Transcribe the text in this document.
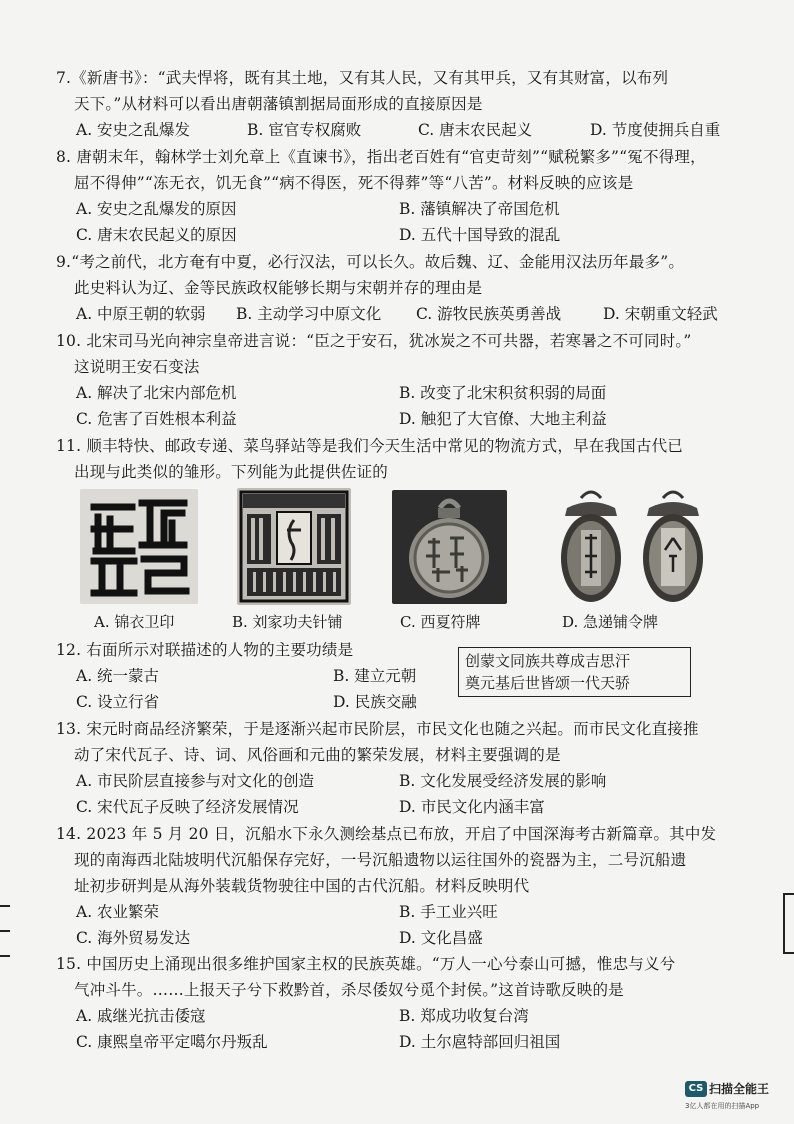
7.《新唐书》：“武夫悍将，既有其土地，又有其人民，又有其甲兵，又有其财富，以布列
天下。”从材料可以看出唐朝藩镇割据局面形成的直接原因是
A. 安史之乱爆发	B. 宦官专权腐败	C. 唐末农民起义	D. 节度使拥兵自重
8. 唐朝末年，翰林学士刘允章上《直谏书》，指出老百姓有“官吏苛刻”“赋税繁多”“冤不得理，
屈不得伸”“冻无衣，饥无食”“病不得医，死不得葬”等“八苦”。材料反映的应该是
A. 安史之乱爆发的原因	B. 藩镇解决了帝国危机
C. 唐末农民起义的原因	D. 五代十国导致的混乱
9.“考之前代，北方奄有中夏，必行汉法，可以长久。故后魏、辽、金能用汉法历年最多”。
此史料认为辽、金等民族政权能够长期与宋朝并存的理由是
A. 中原王朝的软弱 B. 主动学习中原文化 C. 游牧民族英勇善战	D. 宋朝重文轻武
10. 北宋司马光向神宗皇帝进言说：“臣之于安石，犹冰炭之不可共器，若寒暑之不可同时。”
这说明王安石变法
A. 解决了北宋内部危机	B. 改变了北宋积贫积弱的局面
C. 危害了百姓根本利益	D. 触犯了大官僚、大地主利益
11. 顺丰特快、邮政专递、菜鸟驿站等是我们今天生活中常见的物流方式，早在我国古代已
出现与此类似的雏形。下列能为此提供佐证的
A. 锦衣卫印	B. 刘家功夫针铺	C. 西夏符牌	D. 急递铺令牌
12. 右面所示对联描述的人物的主要功绩是
A. 统一蒙古	B. 建立元朝
C. 设立行省	D. 民族交融
创蒙文同族共尊成吉思汗
奠元基后世皆颂一代天骄
13. 宋元时商品经济繁荣，于是逐渐兴起市民阶层，市民文化也随之兴起。而市民文化直接推
动了宋代瓦子、诗、词、风俗画和元曲的繁荣发展，材料主要强调的是
A. 市民阶层直接参与对文化的创造	B. 文化发展受经济发展的影响
C. 宋代瓦子反映了经济发展情况	D. 市民文化内涵丰富
14. 2023 年 5 月 20 日，沉船水下永久测绘基点已布放，开启了中国深海考古新篇章。其中发
现的南海西北陆坡明代沉船保存完好，一号沉船遗物以运往国外的瓷器为主，二号沉船遗
址初步研判是从海外装载货物驶往中国的古代沉船。材料反映明代
A. 农业繁荣	B. 手工业兴旺
C. 海外贸易发达	D. 文化昌盛
15. 中国历史上涌现出很多维护国家主权的民族英雄。“万人一心兮泰山可撼，惟忠与义兮
气冲斗牛。……上报天子兮下救黔首，杀尽倭奴兮觅个封侯。”这首诗歌反映的是
A. 戚继光抗击倭寇	B. 郑成功收复台湾
C. 康熙皇帝平定噶尔丹叛乱	D. 土尔扈特部回归祖国
CS 扫描全能王
3亿人都在用的扫描App
